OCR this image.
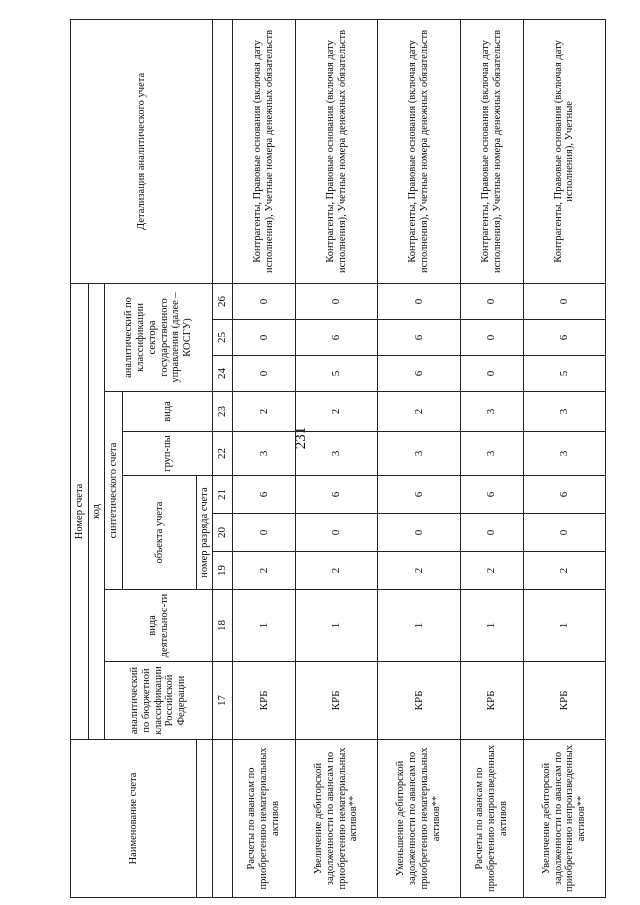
231
Наименование счета	Номер счета										Детализация аналитического учета
	код										
	аналитический по бюджетной классификации Российской Федерации	вида деятельнос-ти	синтетического счета					аналитический по классификации сектора государственного управления (далее – КОСГУ)			
			объекта учета			груп-пы	вида				

			номер разряда счета								
	17	18	19	20	21	22	23	24	25	26	
Расчеты по авансам по приобретению нематериальных активов	КРБ	1	2	0	6	3	2	0	0	0	Контрагенты, Правовые основания (включая дату исполнения), Учетные номера денежных обязательств
Увеличение дебиторской задолженности по авансам по приобретению нематериальных активов**	КРБ	1	2	0	6	3	2	5	6	0	Контрагенты, Правовые основания (включая дату исполнения), Учетные номера денежных обязательств
Уменьшение дебиторской задолженности по авансам по приобретению нематериальных активов**	КРБ	1	2	0	6	3	2	6	6	0	Контрагенты, Правовые основания (включая дату исполнения), Учетные номера денежных обязательств
Расчеты по авансам по приобретению непроизведенных активов	КРБ	1	2	0	6	3	3	0	0	0	Контрагенты, Правовые основания (включая дату исполнения), Учетные номера денежных обязательств
Увеличение дебиторской задолженности по авансам по приобретению непроизведенных активов**	КРБ	1	2	0	6	3	3	5	6	0	Контрагенты, Правовые основания (включая дату исполнения), Учетные
